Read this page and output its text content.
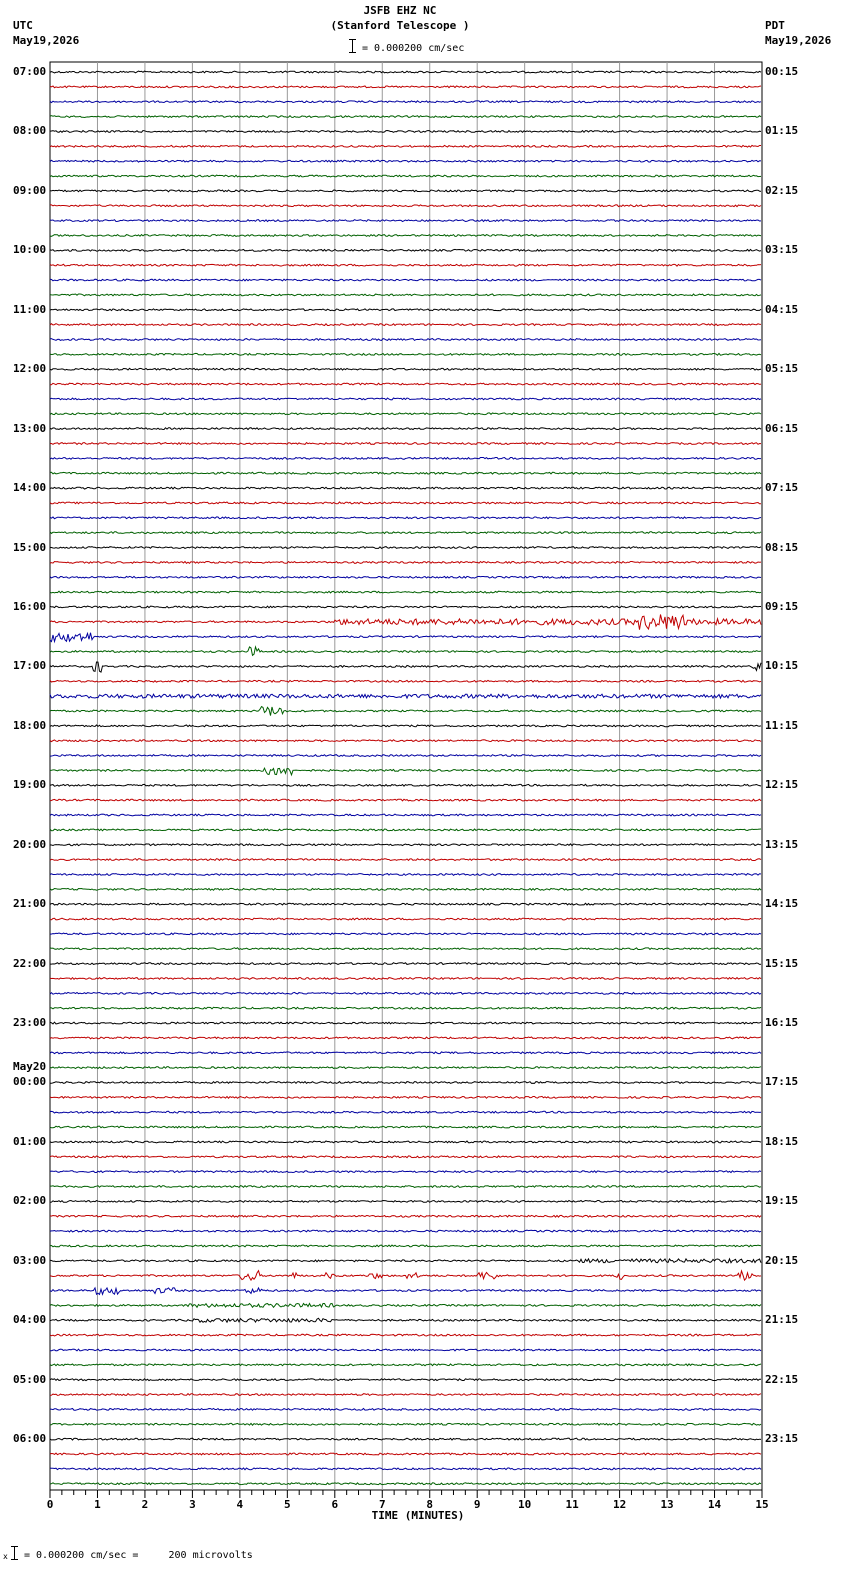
JSFB EHZ NC
(Stanford Telescope )
= 0.000200 cm/sec
UTC
May19,2026
PDT
May19,2026
07:00
08:00
09:00
10:00
11:00
12:00
13:00
14:00
15:00
16:00
17:00
18:00
19:00
20:00
21:00
22:00
23:00
00:00
01:00
02:00
03:00
04:00
05:00
06:00
May20
00:15
01:15
02:15
03:15
04:15
05:15
06:15
07:15
08:15
09:15
10:15
11:15
12:15
13:15
14:15
15:15
16:15
17:15
18:15
19:15
20:15
21:15
22:15
23:15
TIME (MINUTES)
0	1	2	3	4	5	6	7	8	9	10	11	12	13	14	15
x = 0.000200 cm/sec =     200 microvolts
